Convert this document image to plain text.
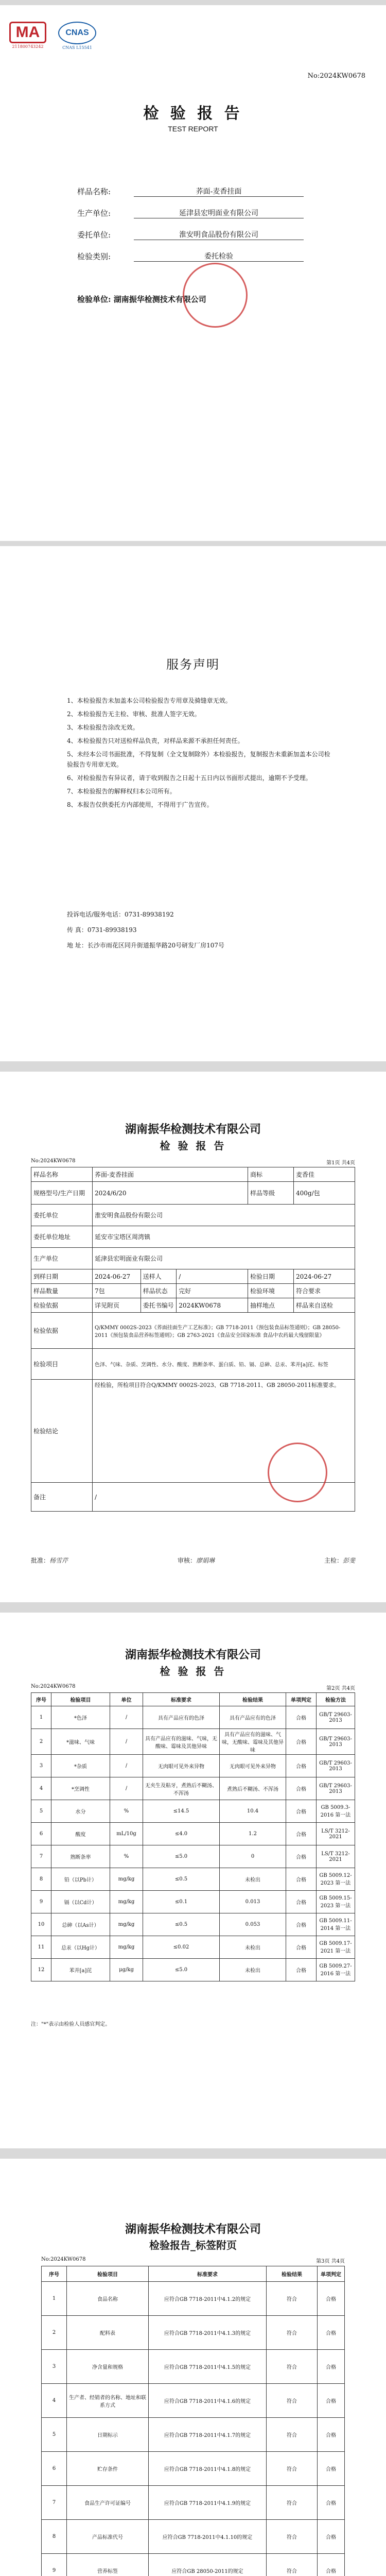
MA
211800743242
CNAS
CNAS L15541
No:2024KW0678
检 验 报 告
TEST REPORT
样品名称:	荞面-麦香挂面
生产单位:	延津县宏明面业有限公司
委托单位:	淮安明食品股份有限公司
检验类别:	委托检验
检验单位: 湖南振华检测技术有限公司
服务声明

1、本检验报告未加盖本公司检验报告专用章及骑缝章无效。

2、本检验报告无主检、审核、批准人签字无效。

3、本检验报告涂改无效。

4、本检验报告只对送检样品负责，对样品来源不承担任何责任。

5、未经本公司书面批准，不得复制（全文复制除外）本检验报告，复制报告未重新加盖本公司检验报告专用章无效。

6、对检验报告有异议者，请于收到报告之日起十五日内以书面形式提出，逾期不予受理。

7、本检验报告的解释权归本公司所有。

8、本报告仅供委托方内部使用，不得用于广告宣传。

投诉电话/服务电话：0731-89938192
传 真：0731-89938193
地 址：长沙市雨花区同升街道振华路20号研发厂房107号
湖南振华检测技术有限公司
检 验 报 告
No:2024KW0678	第1页 共4页
样品名称	荞面-麦香挂面			商标	麦香佳
规格型号/生产日期	2024/6/20			样品等级	400g/包
委托单位	淮安明食品股份有限公司				
委托单位地址	延安市宝塔区周湾镇				
生产单位	延津县宏明面业有限公司				
到样日期	2024-06-27	送样人	/	检验日期	2024-06-27
样品数量	7包	样品状态	完好	检验环境	符合要求
检验依据	详见附页	委托书编号	2024KW0678	抽样地点	样品来自送检
检验依据	Q/KMMY 0002S-2023《荞面挂面生产工艺标准》；GB 7718-2011《预包装食品标签通则》；GB 28050-2011《预包装食品营养标签通则》；GB 2763-2021《食品安全国家标准 食品中农药最大残留限量》				
检验项目	色泽、气味、杂质、烹调性、水分、酸度、熟断条率、蛋白质、铅、镉、总砷、总汞、苯并[a]芘、标签				
检验结论	经检验，所检项目符合Q/KMMY 0002S-2023、GB 7718-2011、GB 28050-2011标准要求。				
备注	/				
批准：杨雪芹	审核：廖娟琳	主检：彭斐
湖南振华检测技术有限公司
检 验 报 告
No:2024KW0678	第2页 共4页
序号	检验项目	单位	标准要求	检验结果	单项判定	检验方法
1	*色泽	/	具有产品应有的色泽	具有产品应有的色泽	合格	GB/T 29603-2013
2	*滋味、气味	/	具有产品应有的滋味、气味，无酸味、霉味及其他异味	具有产品应有的滋味、气味，无酸味、霉味及其他异味	合格	GB/T 29603-2013
3	*杂质	/	无肉眼可见外来异物	无肉眼可见外来异物	合格	GB/T 29603-2013
4	*烹调性	/	无夹生及粘牙，煮熟后不糊汤、不浑汤	煮熟后不糊汤、不浑汤	合格	GB/T 29603-2013
5	水分	%	≤14.5	10.4	合格	GB 5009.3-2016 第一法
6	酸度	mL/10g	≤4.0	1.2	合格	LS/T 3212-2021
7	熟断条率	%	≤5.0	0	合格	LS/T 3212-2021
8	铅（以Pb计）	mg/kg	≤0.5	未检出	合格	GB 5009.12-2023 第一法
9	镉（以Cd计）	mg/kg	≤0.1	0.013	合格	GB 5009.15-2023 第一法
10	总砷（以As计）	mg/kg	≤0.5	0.053	合格	GB 5009.11-2014 第一法
11	总汞（以Hg计）	mg/kg	≤0.02	未检出	合格	GB 5009.17-2021 第一法
12	苯并[a]芘	μg/kg	≤5.0	未检出	合格	GB 5009.27-2016 第一法
注："*"表示由检验人员感官判定。
湖南振华检测技术有限公司
检验报告_标签附页
No:2024KW0678	第3页 共4页
序号	检验项目	标准要求	检验结果	单项判定
1	食品名称	应符合GB 7718-2011中4.1.2的规定	符合	合格
2	配料表	应符合GB 7718-2011中4.1.3的规定	符合	合格
3	净含量和规格	应符合GB 7718-2011中4.1.5的规定	符合	合格
4	生产者、经销者的名称、地址和联系方式	应符合GB 7718-2011中4.1.6的规定	符合	合格
5	日期标示	应符合GB 7718-2011中4.1.7的规定	符合	合格
6	贮存条件	应符合GB 7718-2011中4.1.8的规定	符合	合格
7	食品生产许可证编号	应符合GB 7718-2011中4.1.9的规定	符合	合格
8	产品标准代号	应符合GB 7718-2011中4.1.10的规定	符合	合格
9	营养标签	应符合GB 28050-2011的规定	符合	合格
